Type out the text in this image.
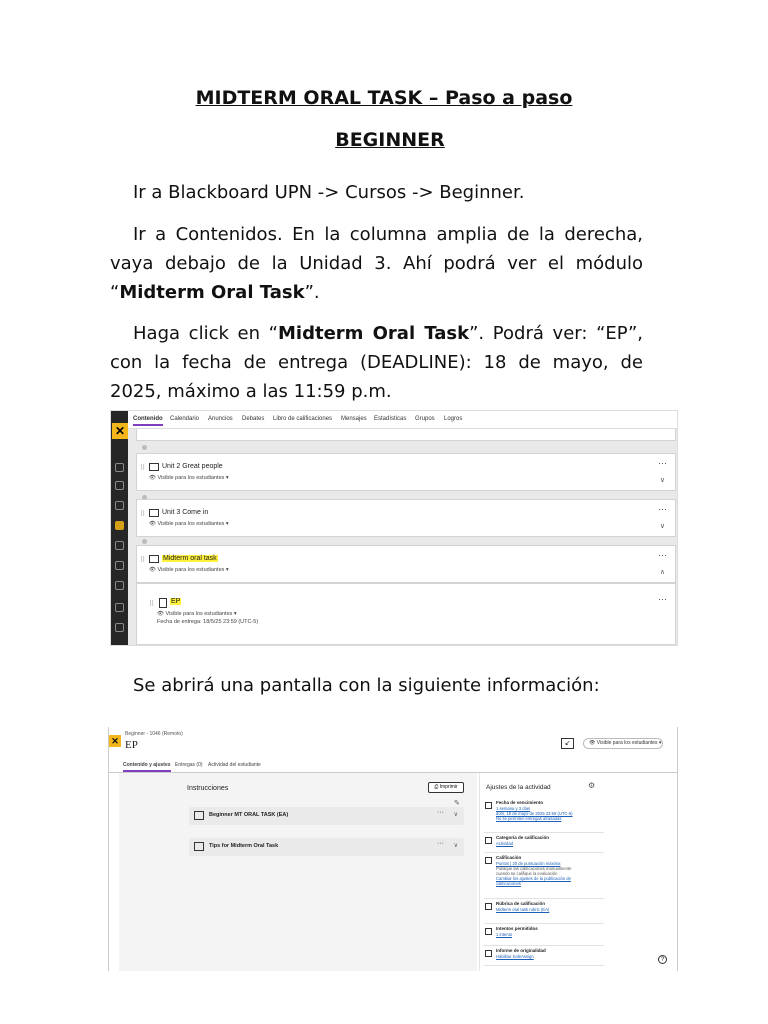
MIDTERM ORAL TASK – Paso a paso
BEGINNER

Ir a Blackboard UPN -> Cursos -> Beginner.

Ir a Contenidos. En la columna amplia de la derecha, vaya debajo de la Unidad 3. Ahí podrá ver el módulo “Midterm Oral Task”.

Haga click en “Midterm Oral Task”. Podrá ver: “EP”, con la fecha de entrega (DEADLINE): 18 de mayo, de 2025, máximo a las 11:59 p.m.

✕
Contenido Calendario Anuncios Debates Libro de calificaciones Mensajes Estadísticas Grupos Logros
⠿ Unit 2 Great people
👁 Visible para los estudiantes ▾
···
∨
⠿ Unit 3 Come in
👁 Visible para los estudiantes ▾
···
∨
⠿	Midterm oral task
👁 Visible para los estudiantes ▾
···
∧
⠿ EP
👁 Visible para los estudiantes ▾
Fecha de entrega: 18/5/25 23:59 (UTC-5)
···

Se abrirá una pantalla con la siguiente información:

✕
Beginner - 1046 (Remoto)
EP	↙	👁 Visible para los estudiantes ▾
Contenido y ajustes Entregas (0) Actividad del estudiante
Instrucciones	⎙ Imprimir
✎
Beginner MT ORAL TASK (EA)	··· ∨
Tips for Midterm Oral Task	··· ∨
Ajustes de la actividad	⚙
Fecha de vencimiento
1 semana y 3 días
dom, 18 de mayo de 2025 23:59 (UTC-5)
No se permiten entregas atrasadas
Categoría de calificación
Actividad
Calificación
Puntos | 20 de puntuación máxima
Publique las calificaciones manualmente
cuando se califique la evaluación
Cambiar los ajustes de la publicación de
calificaciones
Rúbrica de calificación
Midterm oral task rubric (EA)
Intentos permitidos
1 intento
Informe de originalidad
Habilitar SafeAssign
?
